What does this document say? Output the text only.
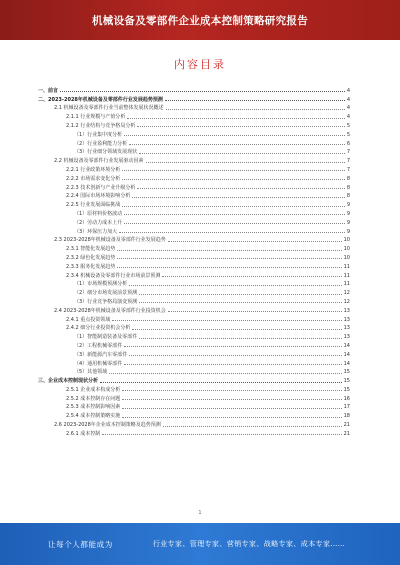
机械设备及零部件企业成本控制策略研究报告
内容目录
一、前言	4
二、2023-2028年机械设备及零部件行业发展趋势预测	4
2.1 机械设备及零部件行业当前整体发展状况概述	4
2.1.1 行业规模与产值分析	4
2.1.2 行业结构与竞争格局分析	5
（1）行业集中度分析	5
（2）行业盈利能力分析	6
（3）行业细分领域发展现状	7
2.2 机械设备及零部件行业发展驱动因素	7
2.2.1 行业政策环境分析	7
2.2.2 市场需求变化分析	8
2.2.3 技术创新与产业升级分析	8
2.2.4 国际市场环境影响分析	8
2.2.5 行业发展面临挑战	9
（1）原材料价格波动	9
（2）劳动力成本上升	9
（3）环保压力加大	9
2.3 2023-2028年机械设备及零部件行业发展趋势	10
2.3.1 智能化发展趋势	10
2.3.2 绿色化发展趋势	10
2.3.3 服务化发展趋势	11
2.3.4 机械设备及零部件行业市场前景预测	11
（1）市场规模预测分析	11
（2）细分市场发展前景预测	12
（3）行业竞争格局演变预测	12
2.4 2023-2028年机械设备及零部件行业投资机会	13
2.4.1 重点投资领域	13
2.4.2 细分行业投资机会分析	13
（1）智能制造装备及零部件	13
（2）工程机械零部件	14
（3）新能源汽车零部件	14
（4）通用机械零部件	14
（5）其他领域	15
三、企业成本控制现状分析	15
2.5.1 企业成本构成分析	15
2.5.2 成本控制存在问题	16
2.5.3 成本控制影响因素	17
2.5.4 成本控制策略实施	18
2.6 2023-2028年企业成本控制策略及趋势预测	21
2.6.1 成本控制	21
1
让每个人都能成为	行业专家、管理专家、营销专家、战略专家、成本专家……
